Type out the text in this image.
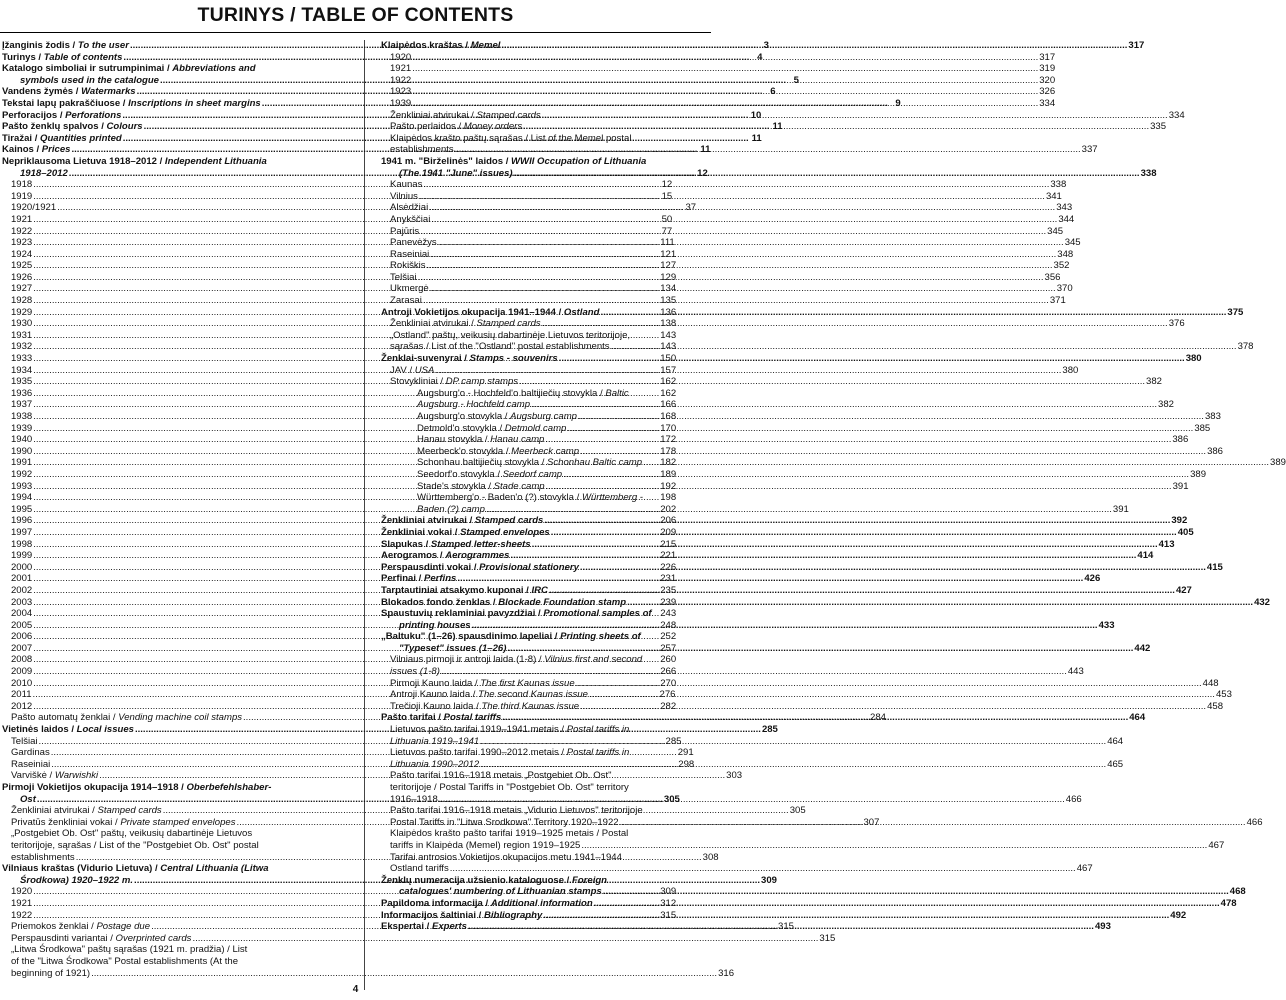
TURINYS / TABLE OF CONTENTS
Įžanginis žodis / To the user .....	3
Turinys / Table of contents .....	4
Katalogo simboliai ir sutrumpinimai / Abbreviations and
symbols used in the catalogue .....	5
Vandens žymės / Watermarks .....	6
Tekstai lapų pakraščiuose / Inscriptions in sheet margins .....	9
Perforacijos / Perforations .....	10
Pašto ženklų spalvos / Colours .....	11
Tiražai / Quantities printed .....	11
Kainos / Prices .....	11
Nepriklausoma Lietuva 1918–2012 / Independent Lithuania
1918–2012 .....	12
1918 .....	12
1919 .....	15
1920/1921 .....	37
1921 .....	50
1922 .....	77
1923 .....	111
1924 .....	121
1925 .....	127
1926 .....	129
1927 .....	134
1928 .....	135
1929 .....	136
1930 .....	138
1931 .....	143
1932 .....	143
1933 .....	150
1934 .....	157
1935 .....	162
1936 .....	162
1937 .....	166
1938 .....	168
1939 .....	170
1940 .....	172
1990 .....	178
1991 .....	182
1992 .....	189
1993 .....	192
1994 .....	198
1995 .....	202
1996 .....	206
1997 .....	209
1998 .....	215
1999 .....	221
2000 .....	226
2001 .....	231
2002 .....	235
2003 .....	239
2004 .....	243
2005 .....	248
2006 .....	252
2007 .....	257
2008 .....	260
2009 .....	266
2010 .....	270
2011 .....	276
2012 .....	282
Pašto automatų ženklai / Vending machine coil stamps .....	284
Vietinės laidos / Local issues .....	285
Telšiai .....	285
Gardinas .....	291
Raseiniai .....	298
Varviškė / Warwishki .....	303
Pirmoji Vokietijos okupacija 1914–1918 / Oberbefehlshaber-
Ost .....	305
Ženkliniai atvirukai / Stamped cards .....	305
Privatūs ženkliniai vokai / Private stamped envelopes .....	307
„Postgebiet Ob. Ost" paštų, veikusių dabartinėje Lietuvos
teritorijoje, sąrašas / List of the "Postgebiet Ob. Ost" postal
establishments .....	308
Vilniaus kraštas (Vidurio Lietuva) / Central Lithuania (Litwa
Środkowa) 1920–1922 m. .....	309
1920 .....	309
1921 .....	312
1922 .....	315
Priemokos ženklai / Postage due .....	315
Perspausdinti variantai / Overprinted cards .....	315
„Litwa Środkowa" paštų sąrašas (1921 m. pradžia) / List
of the "Litwa Środkowa" Postal establishments (At the
beginning of 1921) .....	316
Klaipėdos kraštas / Memel .....	317
1920 .....	317
1921 .....	319
1922 .....	320
1923 .....	326
1939 .....	334
Ženkliniai atvirukai / Stamped cards .....	334
Pašto perlaidos / Money orders .....	335
Klaipėdos krašto paštų sąrašas / List of the Memel postal
establishments .....	337
1941 m. "Birželinės" laidos / WWII Occupation of Lithuania
(The 1941 "June" issues) .....	338
Kaunas .....	338
Vilnius .....	341
Alsėdžiai .....	343
Anykščiai .....	344
Pajūris .....	345
Panevėžys .....	345
Raseiniai .....	348
Rokiškis .....	352
Telšiai .....	356
Ukmergė .....	370
Zarasai .....	371
Antroji Vokietijos okupacija 1941–1944 / Ostland .....	375
Ženkliniai atvirukai / Stamped cards .....	376
„Ostland" paštų, veikusių dabartinėje Lietuvos teritorijoje,
sąrašas / List of the "Ostland" postal establishments .....	378
Ženklai-suvenyrai / Stamps - souvenirs .....	380
JAV / USA .....	380
Stovykliniai / DP camp stamps .....	382
Augsburg'o - Hochfeld'o baltijiečių stovykla / Baltic
Augsburg - Hochfeld camp .....	382
Augsburg'o stovykla / Augsburg camp .....	383
Detmold'o stovykla / Detmold camp .....	385
Hanau stovykla / Hanau camp .....	386
Meerbeck'o stovykla / Meerbeck camp .....	386
Schonhau baltijiečių stovykla / Schonhau Baltic camp .....	389
Seedorf'o stovykla / Seedorf camp .....	389
Stade's stovykla / Stade camp .....	391
Württemberg'o - Baden'o (?) stovykla / Württemberg -
Baden (?) camp .....	391
Ženkliniai atvirukai / Stamped cards .....	392
Ženkliniai vokai / Stamped envelopes .....	405
Slapukas / Stamped letter-sheets .....	413
Aerogramos / Aerogrammes .....	414
Perspausdinti vokai / Provisional stationery .....	415
Perfinai / Perfins .....	426
Tarptautiniai atsakymo kuponai / IRC .....	427
Blokados fondo ženklas / Blockade Foundation stamp .....	432
Spaustuvių reklaminiai pavyzdžiai / Promotional samples of
printing houses .....	433
„Baltuku" (1–26) spausdinimo lapeliai / Printing sheets of
"Typeset" issues (1–26) .....	442
Vilniaus pirmoji ir antroji laida (1-8) / Vilnius first and second
issues (1-8) .....	443
Pirmoji Kauno laida / The first Kaunas issue .....	448
Antroji Kauno laida / The second Kaunas issue .....	453
Trečioji Kauno laida / The third Kaunas issue .....	458
Pašto tarifai / Postal tariffs .....	464
Lietuvos pašto tarifai 1919–1941 metais / Postal tariffs in
Lithuania 1919–1941 .....	464
Lietuvos pašto tarifai 1990–2012 metais / Postal tariffs in
Lithuania 1990–2012 .....	465
Pašto tarifai 1916–1918 metais „Postgebiet Ob. Ost"
teritorijoje / Postal Tariffs in "Postgebiet Ob. Ost" territory
1916–1918 .....	466
Pašto tarifai 1916–1918 metais „Vidurio Lietuvos" teritorijoje
Postal Tariffs in "Litwa Srodkowa" Territory 1920–1922 .....	466
Klaipėdos krašto pašto tarifai 1919–1925 metais / Postal
tariffs in Klaipėda (Memel) region 1919–1925 .....	467
Tarifai antrosios Vokietijos okupacijos metu 1941–1944
Ostland tariffs .....	467
Ženklų numeracija užsienio kataloguose / Foreign
catalogues' numbering of Lithuanian stamps .....	468
Papildoma informacija / Additional information .....	478
Informacijos šaltiniai / Bibliography .....	492
Ekspertai / Experts .....	493
4
